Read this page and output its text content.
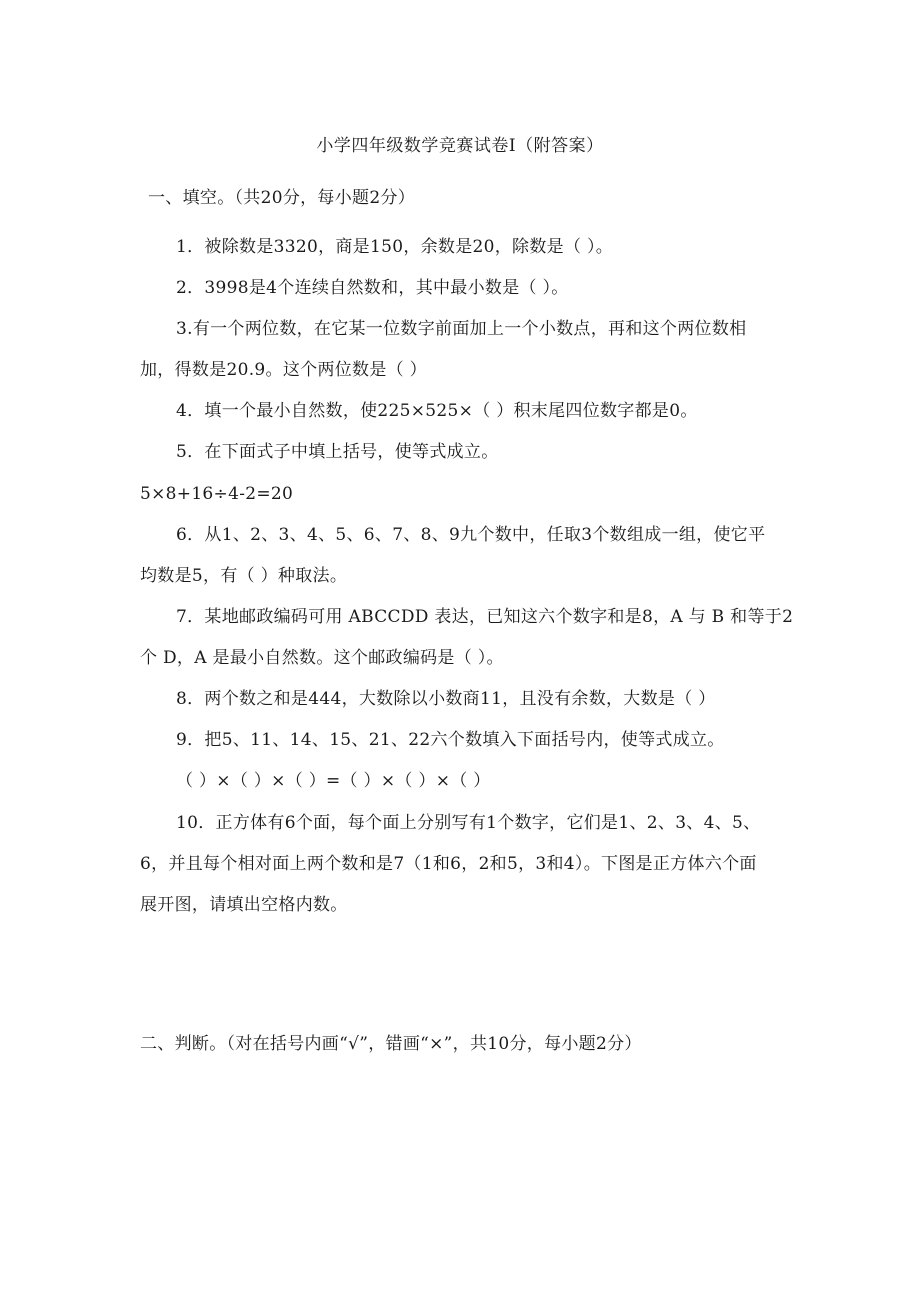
小学四年级数学竞赛试卷Ⅰ（附答案）
一、填空。（共20分，每小题2分）
1．被除数是3320，商是150，余数是20，除数是（ ）。
2．3998是4个连续自然数和，其中最小数是（ ）。
3.有一个两位数，在它某一位数字前面加上一个小数点，再和这个两位数相
加，得数是20.9。这个两位数是（ ）
4．填一个最小自然数，使225×525×（ ）积末尾四位数字都是0。
5．在下面式子中填上括号，使等式成立。
5×8+16÷4-2=20
6．从1、2、3、4、5、6、7、8、9九个数中，任取3个数组成一组，使它平
均数是5，有（ ）种取法。
7．某地邮政编码可用 ABCCDD 表达，已知这六个数字和是8，A 与 B 和等于2
个 D，A 是最小自然数。这个邮政编码是（ ）。
8．两个数之和是444，大数除以小数商11，且没有余数，大数是（ ）
9．把5、11、14、15、21、22六个数填入下面括号内，使等式成立。
（ ）×（ ）×（ ）=（ ）×（ ）×（ ）
10．正方体有6个面，每个面上分别写有1个数字，它们是1、2、3、4、5、
6，并且每个相对面上两个数和是7（1和6，2和5，3和4）。下图是正方体六个面
展开图，请填出空格内数。
二、判断。（对在括号内画“√”，错画“×”，共10分，每小题2分）
